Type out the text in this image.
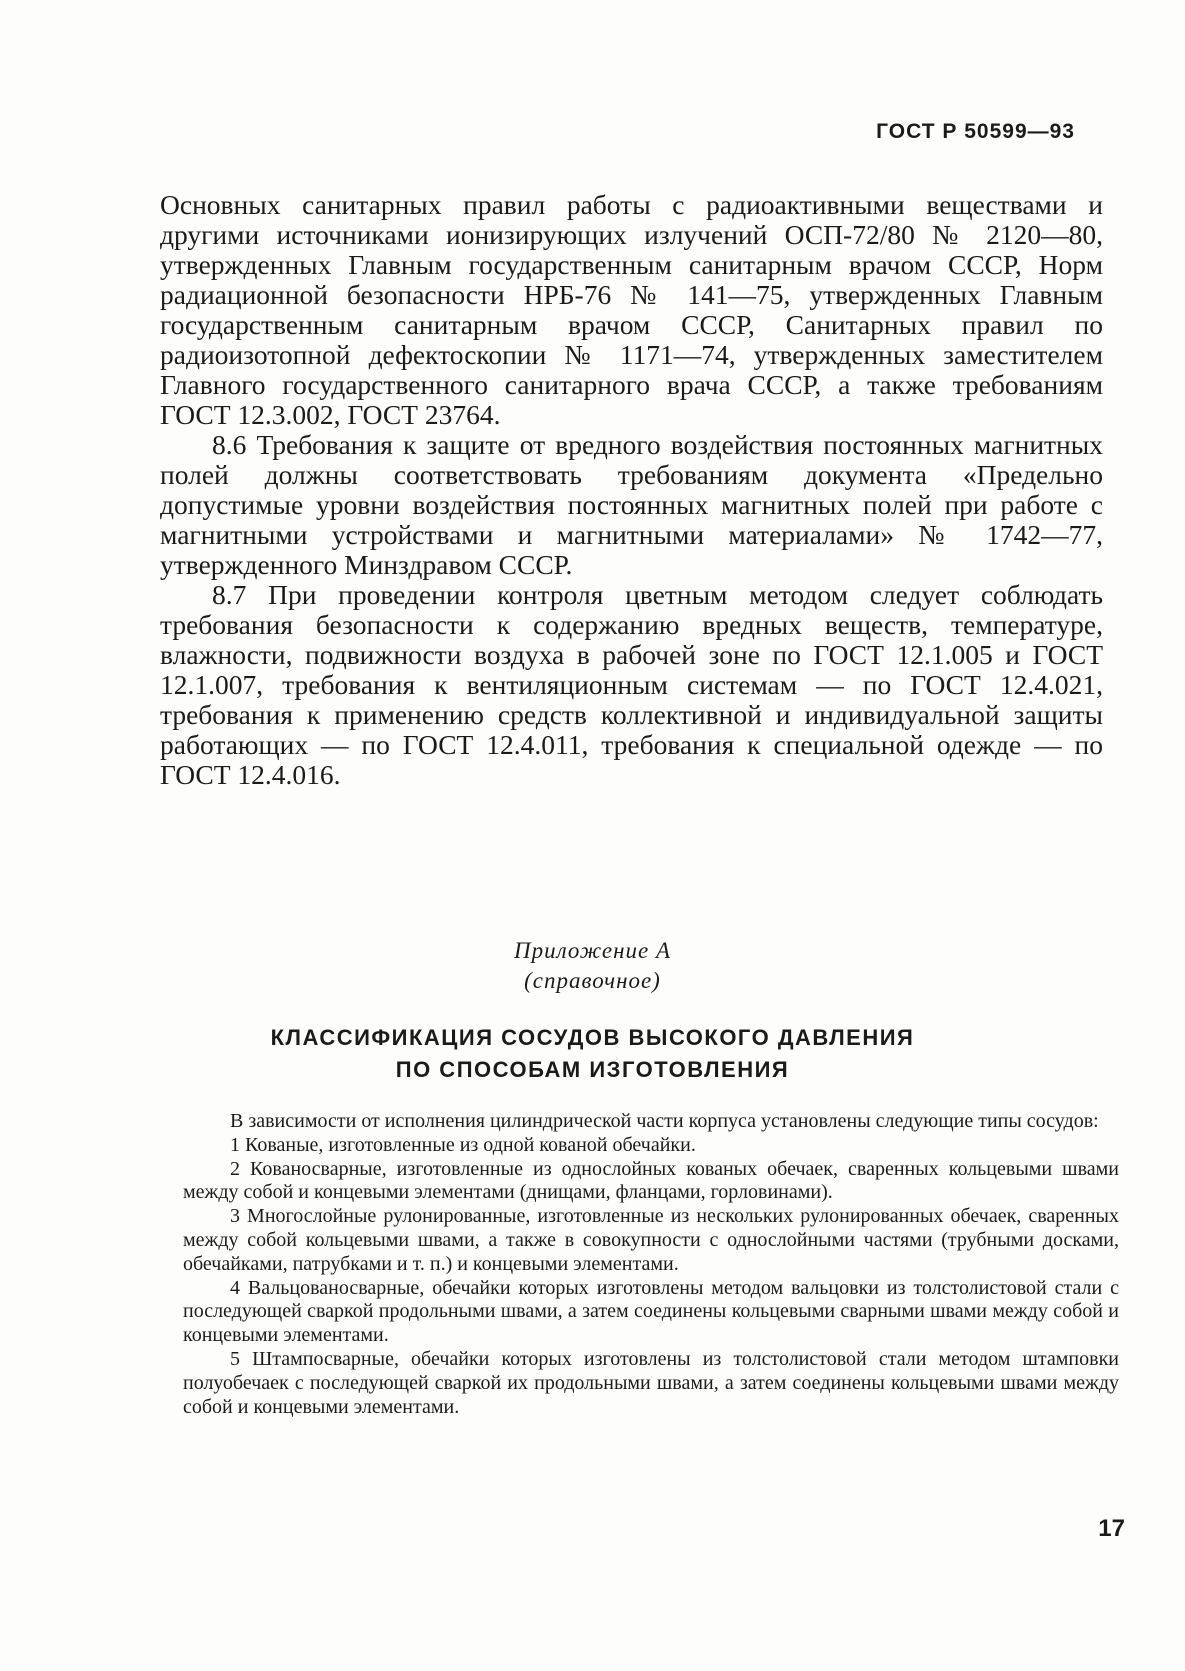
ГОСТ Р 50599—93

Основных санитарных правил работы с радиоактивными веществами и другими источниками ионизирующих излучений ОСП-72/80 № 2120—80, утвержденных Главным государственным санитарным врачом СССР, Норм радиационной безопасности НРБ-76 № 141—75, утвержденных Главным государственным санитарным врачом СССР, Санитарных правил по радиоизотопной дефектоскопии № 1171—74, утвержденных заместителем Главного государственного санитарного врача СССР, а также требованиям ГОСТ 12.3.002, ГОСТ 23764.

8.6 Требования к защите от вредного воздействия постоянных магнитных полей должны соответствовать требованиям документа «Предельно допустимые уровни воздействия постоянных магнитных полей при работе с магнитными устройствами и магнитными материалами» № 1742—77, утвержденного Минздравом СССР.

8.7 При проведении контроля цветным методом следует соблюдать требования безопасности к содержанию вредных веществ, температуре, влажности, подвижности воздуха в рабочей зоне по ГОСТ 12.1.005 и ГОСТ 12.1.007, требования к вентиляционным системам — по ГОСТ 12.4.021, требования к применению средств коллективной и индивидуальной защиты работающих — по ГОСТ 12.4.011, требования к специальной одежде — по ГОСТ 12.4.016.

Приложение А
(справочное)
КЛАССИФИКАЦИЯ СОСУДОВ ВЫСОКОГО ДАВЛЕНИЯ
ПО СПОСОБАМ ИЗГОТОВЛЕНИЯ

В зависимости от исполнения цилиндрической части корпуса установлены следующие типы сосудов:

1 Кованые, изготовленные из одной кованой обечайки.

2 Кованосварные, изготовленные из однослойных кованых обечаек, сваренных кольцевыми швами между собой и концевыми элементами (днищами, фланцами, горловинами).

3 Многослойные рулонированные, изготовленные из нескольких рулонированных обечаек, сваренных между собой кольцевыми швами, а также в совокупности с однослойными частями (трубными досками, обечайками, патрубками и т. п.) и концевыми элементами.

4 Вальцованосварные, обечайки которых изготовлены методом вальцовки из толстолистовой стали с последующей сваркой продольными швами, а затем соединены кольцевыми сварными швами между собой и концевыми элементами.

5 Штампосварные, обечайки которых изготовлены из толстолистовой стали методом штамповки полуобечаек с последующей сваркой их продольными швами, а затем соединены кольцевыми швами между собой и концевыми элементами.

17
